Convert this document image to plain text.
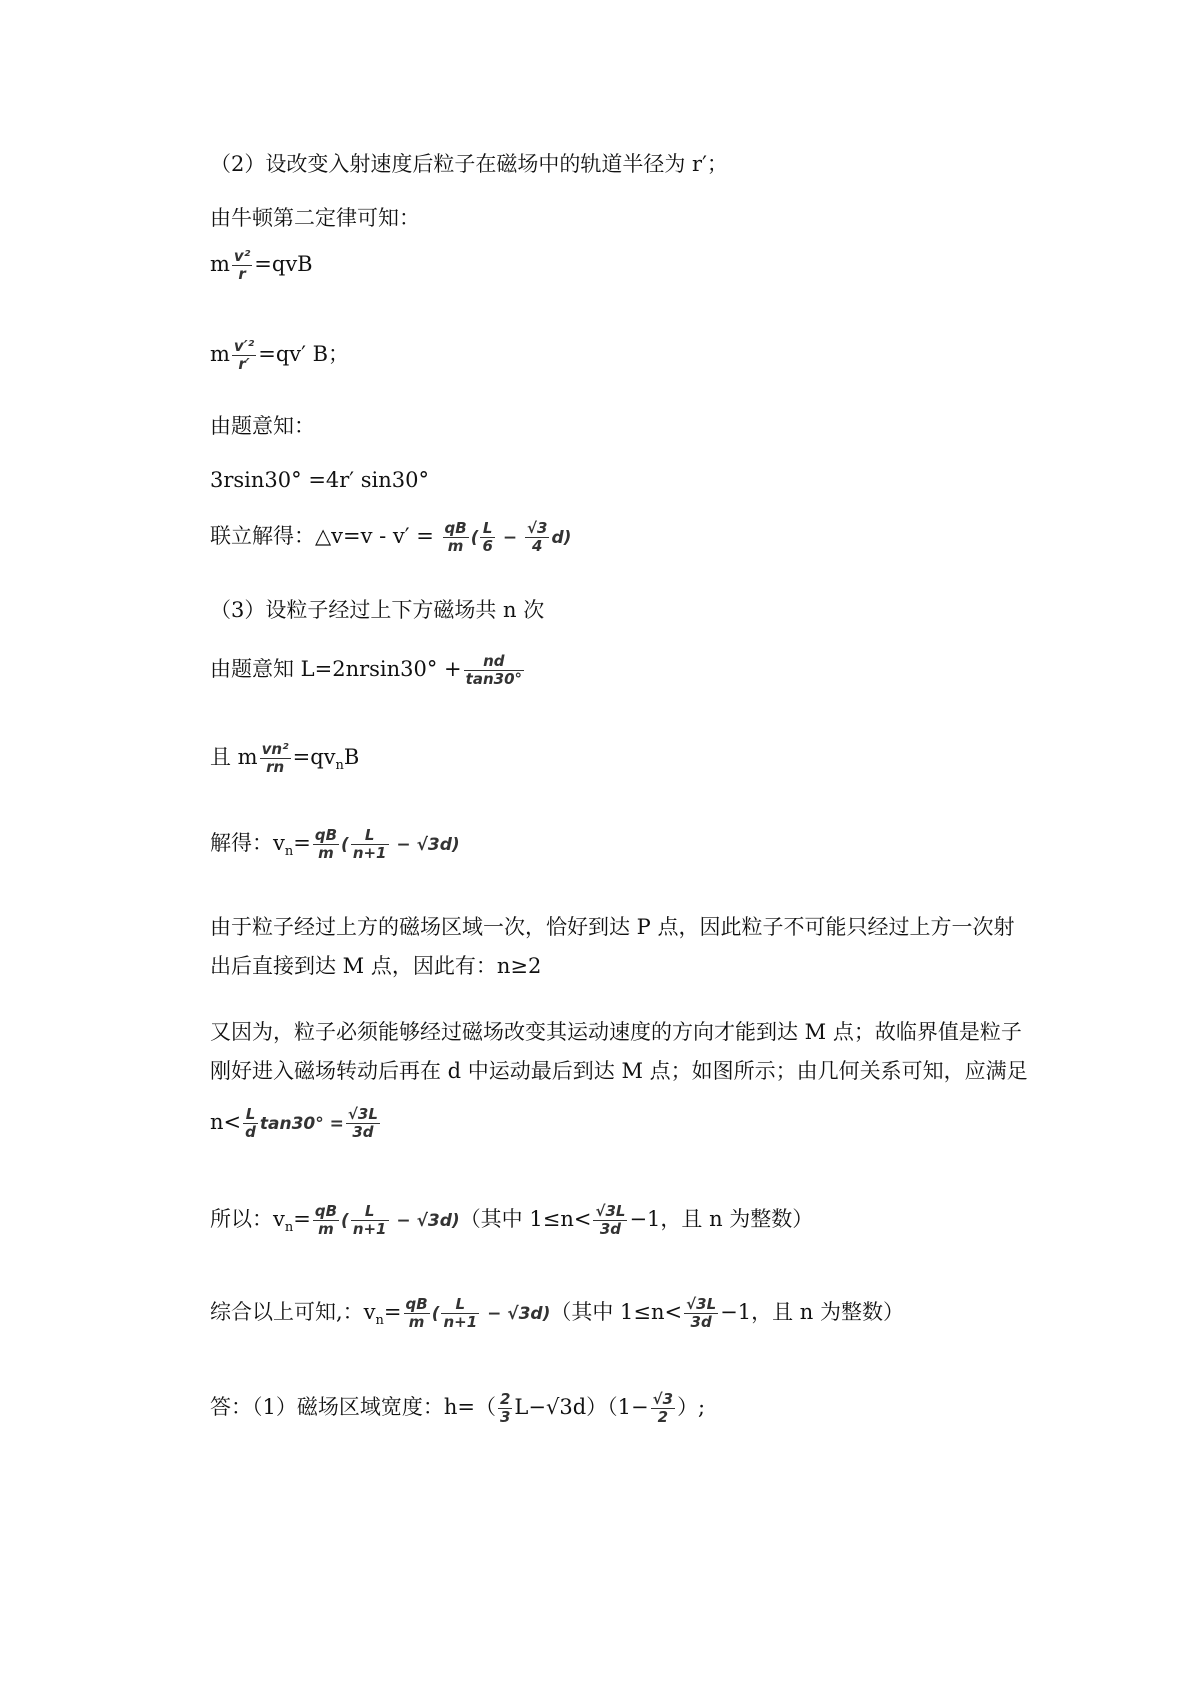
（2）设改变入射速度后粒子在磁场中的轨道半径为 r′；
由牛顿第二定律可知：
m $\frac{\text{v²}}{r} =qvB$
m $\frac{\text{v′²}}{r'} =qv'$ B；
由题意知：
3rsin30° =4r′ sin30°
联立解得：△v=v - $v' = \frac{qB}{m}$ ( $\frac{L}{6} - \frac{√3}{4} d$)
（3）设粒子经过上下方磁场共 n 次
由题意知 $L=2nrsin30^\circ + \frac{nd}{\tan 30^\circ}$
且 m $\frac{\text{vn²}}{rn} =qv_nB$
解得：$v_n= \frac{qB}{m}$ ( $\frac{L}{n+1} - √3d$)
由于粒子经过上方的磁场区域一次，恰好到达 P 点，因此粒子不可能只经过上方一次射出后直接到达 M 点，因此有：n≥2
又因为，粒子必须能够经过磁场改变其运动速度的方向才能到达 M 点；故临界值是粒子刚好进入磁场转动后再在 d 中运动最后到达 M 点；如图所示；由几何关系可知，应满足
$n< \frac{L}{d} \tan 30^\circ = \frac{√3L}{3d}$
所以：$v_n= \frac{qB}{m}$ ( $\frac{L}{n+1} - √3d$)（其中 $1\le n< \frac{√3L}{3d} -1$，且 n 为整数）
综合以上可知,：$v_n= \frac{qB}{m}$ ( $\frac{L}{n+1} - √3d$)（其中 $1\le n< \frac{√3L}{3d} -1$，且 n 为整数）
答：（1）磁场区域宽度：$h=( \frac{2}{3} L-√3d)(1- \frac{√3}{2}$ ）;
